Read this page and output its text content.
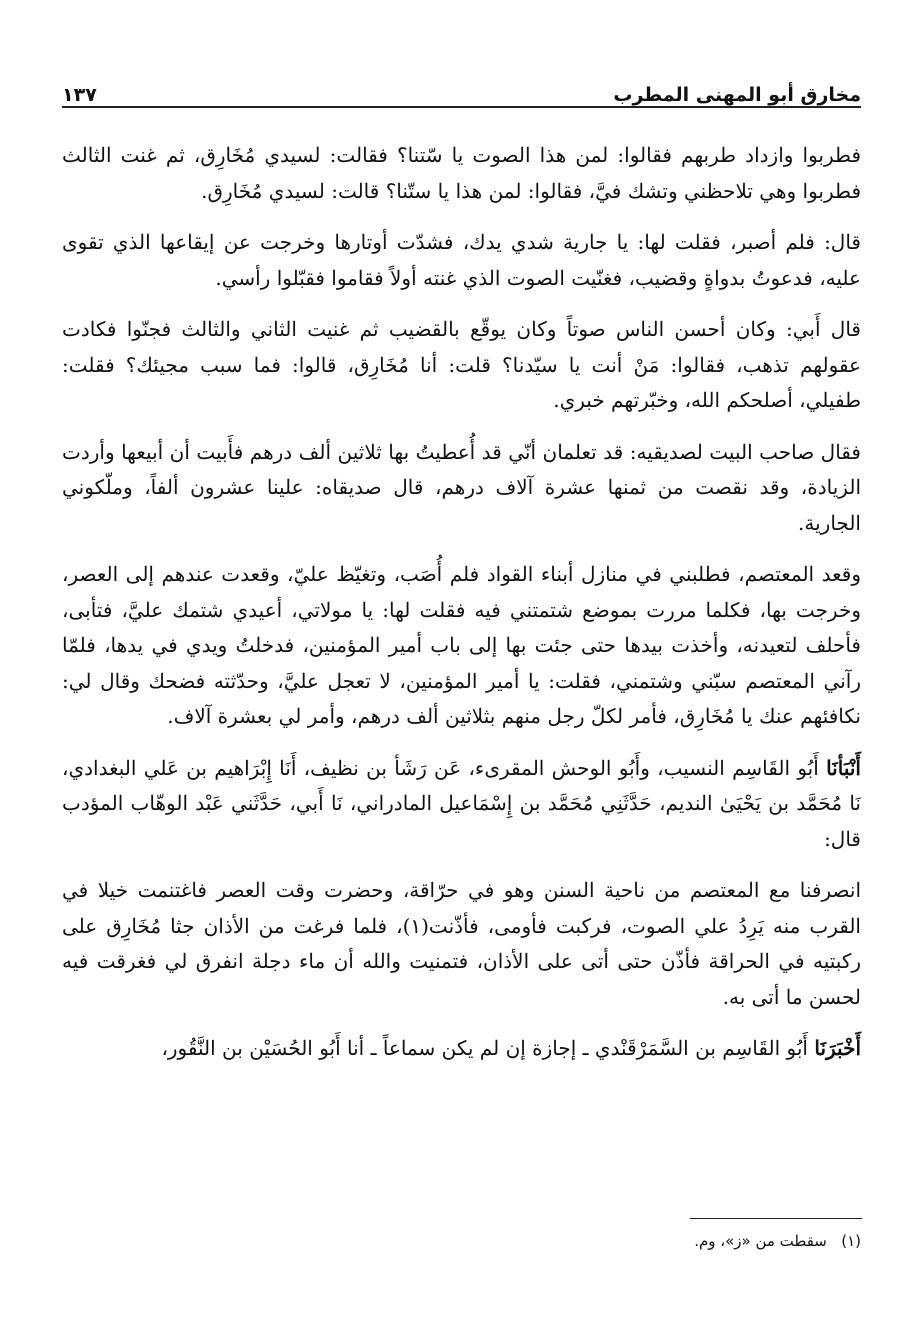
مخارق أبو المهنى المطرب
١٣٧

فطربوا وازداد طربهم فقالوا: لمن هذا الصوت يا سّتنا؟ فقالت: لسيدي مُخَارِق، ثم غنت الثالث فطربوا وهي تلاحظني وتشك فيَّ، فقالوا: لمن هذا يا ستّنا؟ قالت: لسيدي مُخَارِق.

قال: فلم أصبر، فقلت لها: يا جارية شدي يدك، فشدّت أوتارها وخرجت عن إيقاعها الذي تقوى عليه، فدعوتُ بدواةٍ وقضيب، فغنّيت الصوت الذي غنته أولاً فقاموا فقبّلوا رأسي.

قال أَبي: وكان أحسن الناس صوتاً وكان يوقّع بالقضيب ثم غنيت الثاني والثالث فجنّوا فكادت عقولهم تذهب، فقالوا: مَنْ أنت يا سيّدنا؟ قلت: أنا مُخَارِق، قالوا: فما سبب مجيئك؟ فقلت: طفيلي، أصلحكم الله، وخبّرتهم خبري.

فقال صاحب البيت لصديقيه: قد تعلمان أنّي قد أُعطيتُ بها ثلاثين ألف درهم فأَبيت أن أبيعها وأردت الزيادة، وقد نقصت من ثمنها عشرة آلاف درهم، قال صديقاه: علينا عشرون ألفاً، وملّكوني الجارية.

وقعد المعتصم، فطلبني في منازل أبناء القواد فلم أُصَب، وتغيّظ عليّ، وقعدت عندهم إلى العصر، وخرجت بها، فكلما مررت بموضع شتمتني فيه فقلت لها: يا مولاتي، أعيدي شتمك عليَّ، فتأبى، فأحلف لتعيدنه، وأخذت بيدها حتى جئت بها إلى باب أمير المؤمنين، فدخلتُ ويدي في يدها، فلمّا رآني المعتصم سبّني وشتمني، فقلت: يا أمير المؤمنين، لا تعجل عليَّ، وحدّثته فضحك وقال لي: نكافئهم عنك يا مُخَارِق، فأمر لكلّ رجل منهم بثلاثين ألف درهم، وأمر لي بعشرة آلاف.

أَنْبَأنَا أَبُو القَاسِم النسيب، وأَبُو الوحش المقرىء، عَن رَشَأ بن نظيف، أَنَا إِبْرَاهيم بن عَلي البغدادي، نَا مُحَمَّد بن يَحْيَىٰ النديم، حَدَّثَنِي مُحَمَّد بن إِسْمَاعيل المادراني، نَا أَبي، حَدَّثَني عَبْد الوهّاب المؤدب قال:

انصرفنا مع المعتصم من ناحية السنن وهو في حرّاقة، وحضرت وقت العصر فاغتنمت خيلا في القرب منه يَرِدُ علي الصوت، فركبت فأومى، فأذّنت(١)، فلما فرغت من الأذان جثا مُخَارِق على ركبتيه في الحراقة فأذّن حتى أتى على الأذان، فتمنيت والله أن ماء دجلة انفرق لي فغرقت فيه لحسن ما أتى به.

أَخْبَرَنَا أَبُو القَاسِم بن السَّمَرْقَنْدي ـ إجازة إن لم يكن سماعاً ـ أنا أَبُو الحُسَيْن بن النَّقُور،

(١)   سقطت من «ز»، وم.
